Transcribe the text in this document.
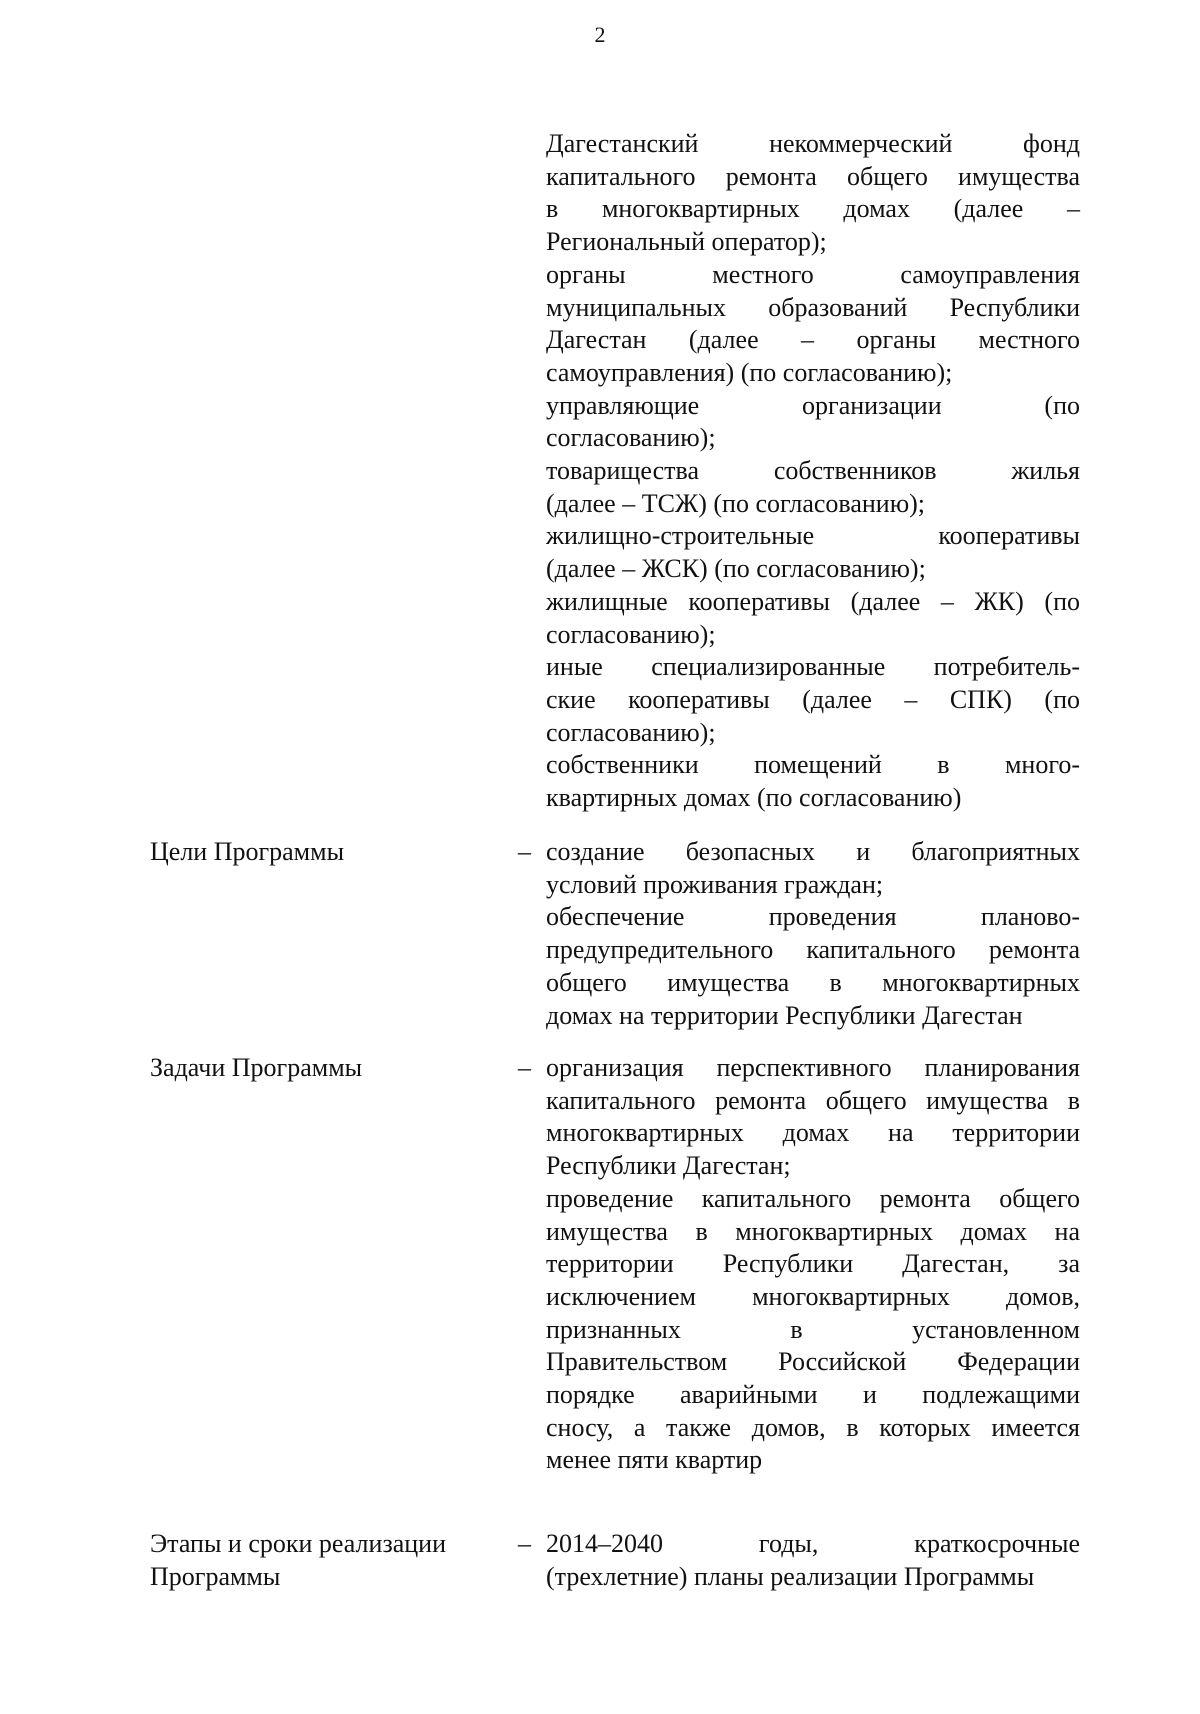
2
Дагестанский некоммерческий фонд
капитального ремонта общего имущества
в многоквартирных домах (далее –
Региональный оператор);
органы местного самоуправления
муниципальных образований Республики
Дагестан (далее – органы местного
самоуправления) (по согласованию);
управляющие организации (по
согласованию);
товарищества собственников жилья
(далее – ТСЖ) (по согласованию);
жилищно-строительные кооперативы
(далее – ЖСК) (по согласованию);
жилищные кооперативы (далее – ЖК) (по
согласованию);
иные специализированные потребитель-
ские кооперативы (далее – СПК) (по
согласованию);
собственники помещений в много-
квартирных домах (по согласованию)
Цели Программы	– создание безопасных и благоприятных
условий проживания граждан;
обеспечение проведения планово-
предупредительного капитального ремонта
общего имущества в многоквартирных
домах на территории Республики Дагестан
Задачи Программы	– организация перспективного планирования
капитального ремонта общего имущества в
многоквартирных домах на территории
Республики Дагестан;
проведение капитального ремонта общего
имущества в многоквартирных домах на
территории Республики Дагестан, за
исключением многоквартирных домов,
признанных в установленном
Правительством Российской Федерации
порядке аварийными и подлежащими
сносу, а также домов, в которых имеется
менее пяти квартир
Этапы и сроки реализации Программы
– 2014–2040 годы, краткосрочные
(трехлетние) планы реализации Программы
